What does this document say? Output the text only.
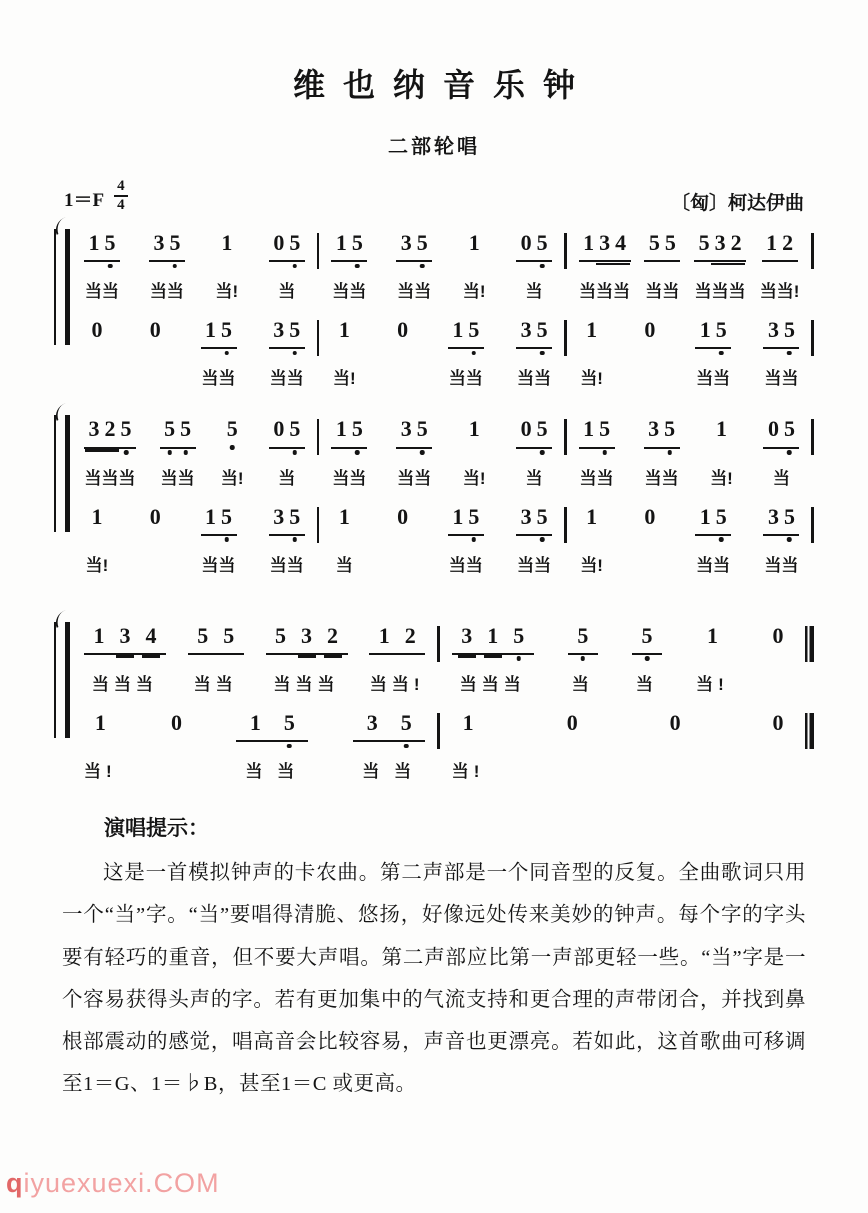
维也纳音乐钟
二部轮唱
$1=F \frac{4}{4}$	〔匈〕柯达伊曲
1 5
当当
3 5
当当
1
当!
0 5
当
1 5
当当
3 5
当当
1
当!
0 5
当
1 3 4
当当当
5 5
当当
5 3 2
当当当
1 2
当当!
0 0 1 5
当当
3 5
当当
1
当!
0 1 5
当当
3 5
当当
1
当!
0 1 5
当当
3 5
当当
3 2 5
当当当
5 5
当当
5
当!
0 5
当
1 5
当当
3 5
当当
1
当!
0 5
当
1 5
当当
3 5
当当
1
当!
0 5
当
1
当!
0 1 5
当当
3 5
当当
1
当
0 1 5
当当
3 5
当当
1
当!
0 1 5
当当
3 5
当当
1 3 4
当当当
5 5
当当
5 3 2
当当当
1 2
当当!
3 1 5
当当当
5
当
5
当
1
当!
0
1
当!
0	1 5
当 当
3 5
当 当
1
当!
0	0	0
演唱提示：
这是一首模拟钟声的卡农曲。第二声部是一个同音型的反复。全曲歌词只用一个“当”字。“当”要唱得清脆、悠扬，好像远处传来美妙的钟声。每个字的字头要有轻巧的重音，但不要大声唱。第二声部应比第一声部更轻一些。“当”字是一个容易获得头声的字。若有更加集中的气流支持和更合理的声带闭合，并找到鼻根部震动的感觉，唱高音会比较容易，声音也更漂亮。若如此，这首歌曲可移调至1＝G、1＝♭B，甚至1＝C 或更高。
qiyuexuexi.COM
